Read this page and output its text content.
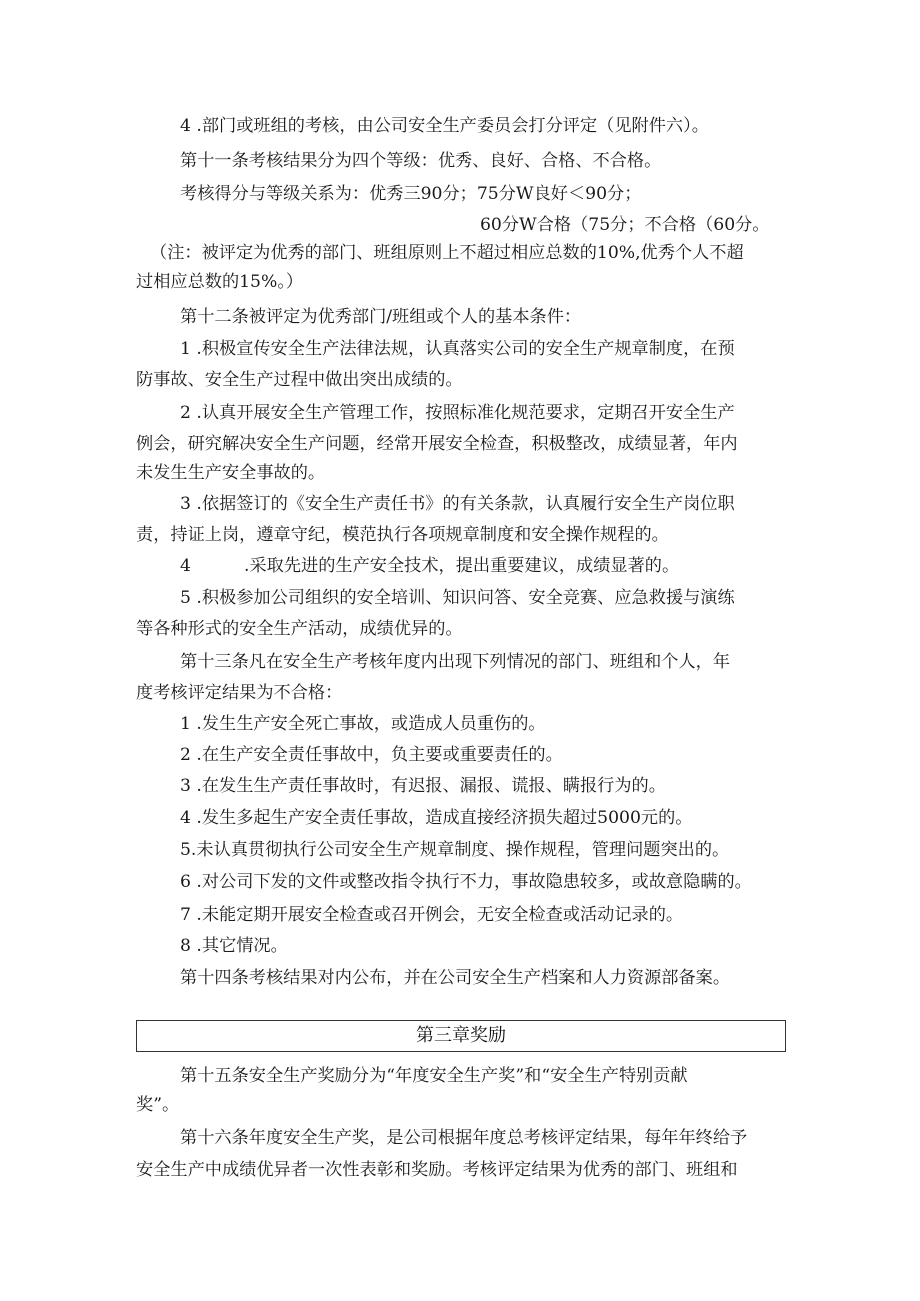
4 .部门或班组的考核，由公司安全生产委员会打分评定（见附件六）。
第十一条考核结果分为四个等级：优秀、良好、合格、不合格。
考核得分与等级关系为：优秀三90分；75分W良好＜90分；
60分W合格（75分；不合格（60分。
（注：被评定为优秀的部门、班组原则上不超过相应总数的10%,优秀个人不超
过相应总数的15%。）
第十二条被评定为优秀部门/班组或个人的基本条件：
1 .积极宣传安全生产法律法规，认真落实公司的安全生产规章制度，在预
防事故、安全生产过程中做出突出成绩的。
2 .认真开展安全生产管理工作，按照标准化规范要求，定期召开安全生产
例会，研究解决安全生产问题，经常开展安全检查，积极整改，成绩显著，年内
未发生生产安全事故的。
3 .依据签订的《安全生产责任书》的有关条款，认真履行安全生产岗位职
责，持证上岗，遵章守纪，模范执行各项规章制度和安全操作规程的。
4	.采取先进的生产安全技术，提出重要建议，成绩显著的。
5 .积极参加公司组织的安全培训、知识问答、安全竞赛、应急救援与演练
等各种形式的安全生产活动，成绩优异的。
第十三条凡在安全生产考核年度内出现下列情况的部门、班组和个人，年
度考核评定结果为不合格：
1 .发生生产安全死亡事故，或造成人员重伤的。
2 .在生产安全责任事故中，负主要或重要责任的。
3 .在发生生产责任事故时，有迟报、漏报、谎报、瞒报行为的。
4 .发生多起生产安全责任事故，造成直接经济损失超过5000元的。
5.未认真贯彻执行公司安全生产规章制度、操作规程，管理问题突出的。
6 .对公司下发的文件或整改指令执行不力，事故隐患较多，或故意隐瞒的。
7 .未能定期开展安全检查或召开例会，无安全检查或活动记录的。
8 .其它情况。
第十四条考核结果对内公布，并在公司安全生产档案和人力资源部备案。
第三章奖励
第十五条安全生产奖励分为“年度安全生产奖”和“安全生产特别贡献
奖”。
第十六条年度安全生产奖，是公司根据年度总考核评定结果，每年年终给予
安全生产中成绩优异者一次性表彰和奖励。考核评定结果为优秀的部门、班组和
